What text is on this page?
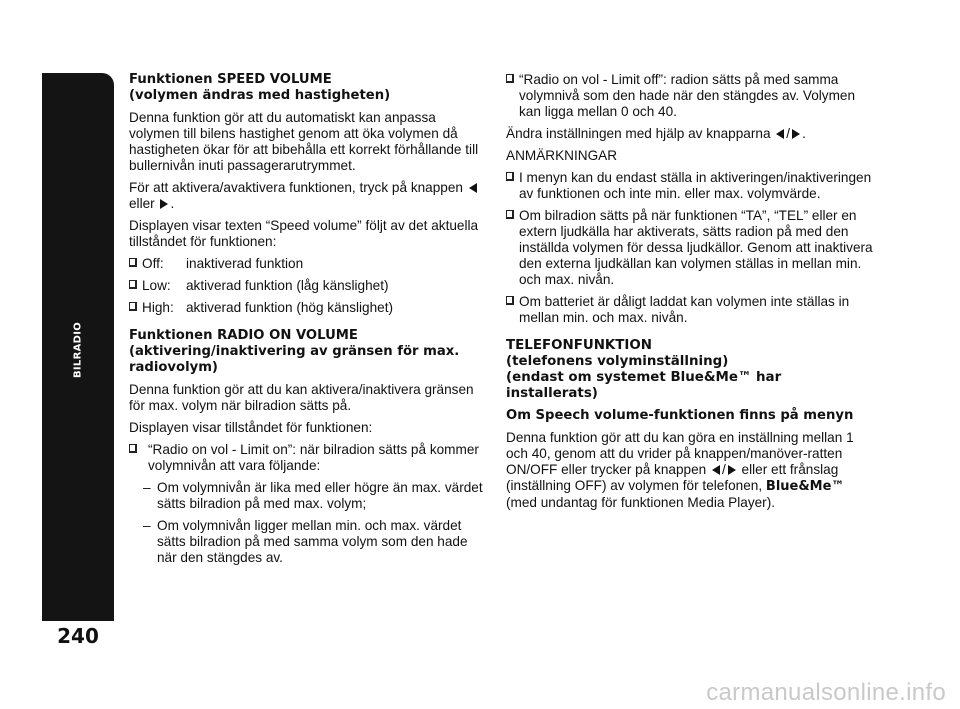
BILRADIO
240
Funktionen SPEED VOLUME
(volymen ändras med hastigheten)

Denna funktion gör att du automatiskt kan anpassa volymen till bilens hastighet genom att öka volymen då hastigheten ökar för att bibehålla ett korrekt förhållande till bullernivån inuti passagerarutrymmet.

För att aktivera/avaktivera funktionen, tryck på knappen  eller .

Displayen visar texten “Speed volume” följt av det aktuella tillståndet för funktionen:

Off: inaktiverad funktion
Low: aktiverad funktion (låg känslighet)
High: aktiverad funktion (hög känslighet)
Funktionen RADIO ON VOLUME
(aktivering/inaktivering av gränsen för max. radiovolym)

Denna funktion gör att du kan aktivera/inaktivera gränsen för max. volym när bilradion sätts på.

Displayen visar tillståndet för funktionen:

“Radio on vol - Limit on”: när bilradion sätts på kommer volymnivån att vara följande:
– Om volymnivån är lika med eller högre än max. värdet sätts bilradion på med max. volym;
– Om volymnivån ligger mellan min. och max. värdet sätts bilradion på med samma volym som den hade när den stängdes av.
“Radio on vol - Limit off”: radion sätts på med samma volymnivå som den hade när den stängdes av. Volymen kan ligga mellan 0 och 40.

Ändra inställningen med hjälp av knapparna / .

ANMÄRKNINGAR

I menyn kan du endast ställa in aktiveringen/inaktiveringen av funktionen och inte min. eller max. volymvärde.
Om bilradion sätts på när funktionen “TA”, “TEL” eller en extern ljudkälla har aktiverats, sätts radion på med den inställda volymen för dessa ljudkällor. Genom att inaktivera den externa ljudkällan kan volymen ställas in mellan min. och max. nivån.
Om batteriet är dåligt laddat kan volymen inte ställas in mellan min. och max. nivån.
TELEFONFUNKTION
(telefonens volyminställning)
(endast om systemet Blue&Me™ har installerats)

Om Speech volume-funktionen finns på menyn

Denna funktion gör att du kan göra en inställning mellan 1 och 40, genom att du vrider på knappen/manöver-ratten ON/OFF eller trycker på knappen / eller ett frånslag (inställning OFF) av volymen för telefonen, Blue&Me™ (med undantag för funktionen Media Player).

carmanualsonline.info
